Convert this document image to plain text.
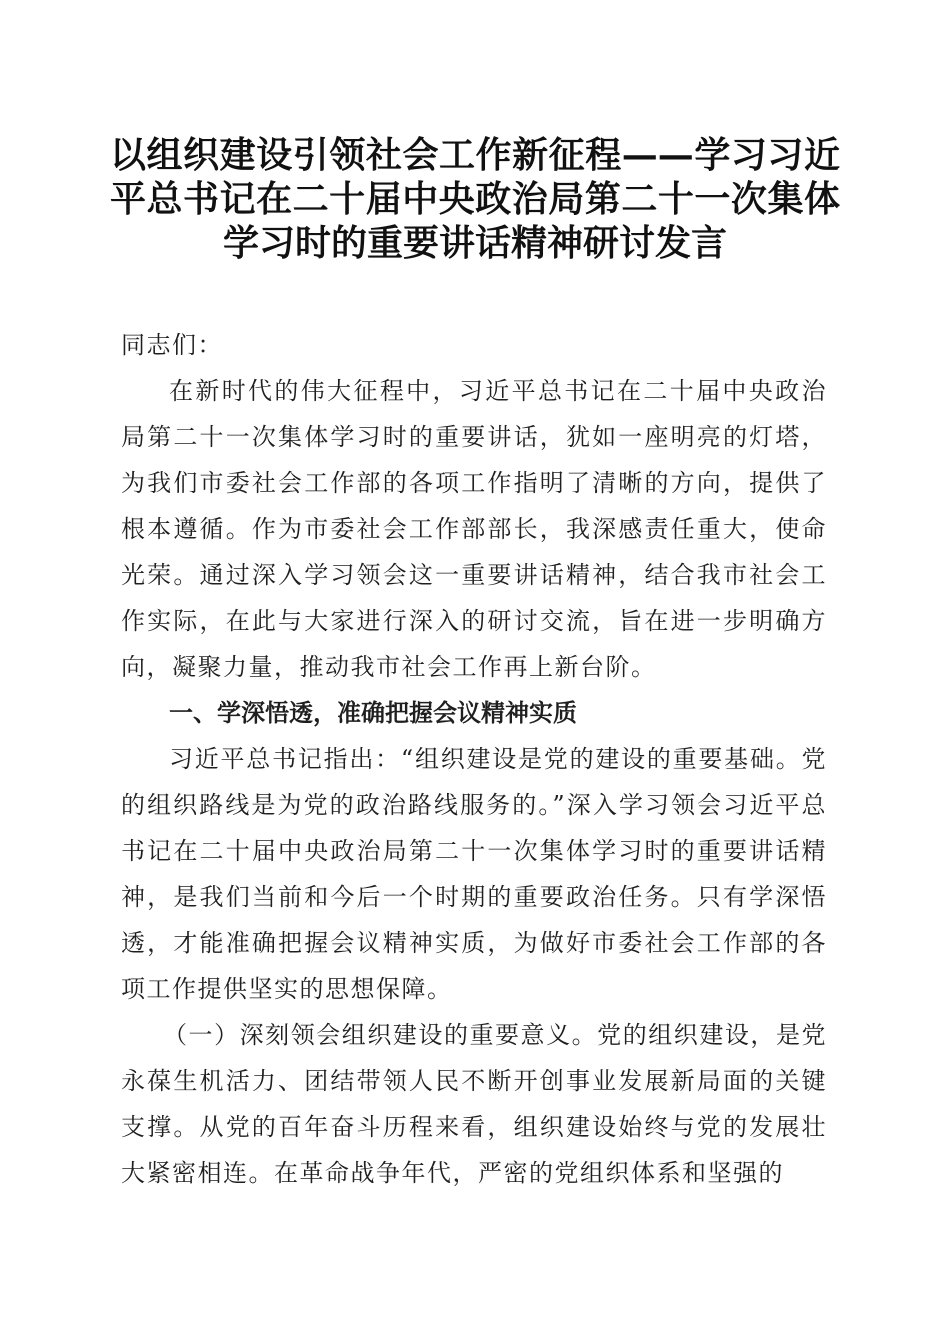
以组织建设引领社会工作新征程——学习习近平总书记在二十届中央政治局第二十一次集体学习时的重要讲话精神研讨发言

同志们：

在新时代的伟大征程中，习近平总书记在二十届中央政治局第二十一次集体学习时的重要讲话，犹如一座明亮的灯塔，为我们市委社会工作部的各项工作指明了清晰的方向，提供了根本遵循。作为市委社会工作部部长，我深感责任重大，使命光荣。通过深入学习领会这一重要讲话精神，结合我市社会工作实际，在此与大家进行深入的研讨交流，旨在进一步明确方向，凝聚力量，推动我市社会工作再上新台阶。

一、学深悟透，准确把握会议精神实质

习近平总书记指出：“组织建设是党的建设的重要基础。党的组织路线是为党的政治路线服务的。”深入学习领会习近平总书记在二十届中央政治局第二十一次集体学习时的重要讲话精神，是我们当前和今后一个时期的重要政治任务。只有学深悟透，才能准确把握会议精神实质，为做好市委社会工作部的各项工作提供坚实的思想保障。

（一）深刻领会组织建设的重要意义。党的组织建设，是党永葆生机活力、团结带领人民不断开创事业发展新局面的关键支撑。从党的百年奋斗历程来看，组织建设始终与党的发展壮大紧密相连。在革命战争年代，严密的党组织体系和坚强的
